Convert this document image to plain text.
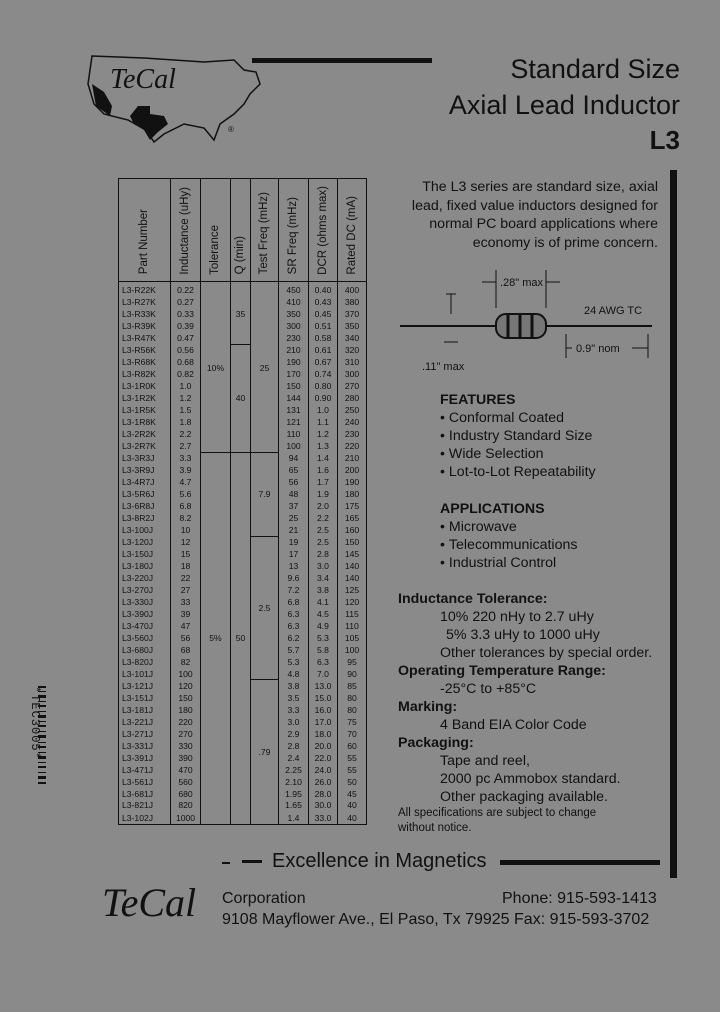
TeCal
®
Standard Size
Axial Lead Inductor
L3
Part Number	Inductance (uHy)	Tolerance	Q (min)	Test Freq (mHz)	SR Freq (mHz)	DCR (ohms max)	Rated DC (mA)
L3-R22K	0.22	10%	35	25	450	0.40	400
L3-R27K	0.27				410	0.43	380
L3-R33K	0.33				350	0.45	370
L3-R39K	0.39				300	0.51	350
L3-R47K	0.47				230	0.58	340
L3-R56K	0.56		40		210	0.61	320
L3-R68K	0.68				190	0.67	310
L3-R82K	0.82				170	0.74	300
L3-1R0K	1.0				150	0.80	270
L3-1R2K	1.2				144	0.90	280
L3-1R5K	1.5				131	1.0	250
L3-1R8K	1.8				121	1.1	240
L3-2R2K	2.2				110	1.2	230
L3-2R7K	2.7				100	1.3	220
L3-3R3J	3.3	5%	50	7.9	94	1.4	210
L3-3R9J	3.9				65	1.6	200
L3-4R7J	4.7				56	1.7	190
L3-5R6J	5.6				48	1.9	180
L3-6R8J	6.8				37	2.0	175
L3-8R2J	8.2				25	2.2	165
L3-100J	10				21	2.5	160
L3-120J	12			2.5	19	2.5	150
L3-150J	15				17	2.8	145
L3-180J	18				13	3.0	140
L3-220J	22				9.6	3.4	140
L3-270J	27				7.2	3.8	125
L3-330J	33				6.8	4.1	120
L3-390J	39				6.3	4.5	115
L3-470J	47				6.3	4.9	110
L3-560J	56				6.2	5.3	105
L3-680J	68				5.7	5.8	100
L3-820J	82				5.3	6.3	95
L3-101J	100				4.8	7.0	90
L3-121J	120			.79	3.8	13.0	85
L3-151J	150				3.5	15.0	80
L3-181J	180				3.3	16.0	80
L3-221J	220				3.0	17.0	75
L3-271J	270				2.9	18.0	70
L3-331J	330				2.8	20.0	60
L3-391J	390				2.4	22.0	55
L3-471J	470				2.25	24.0	55
L3-561J	560				2.10	26.0	50
L3-681J	680				1.95	28.0	45
L3-821J	820				1.65	30.0	40
L3-102J	1000				1.4	33.0	40
The L3 series are standard size, axial lead, fixed value inductors designed for normal PC board applications where economy is of prime concern.
.28" max
24 AWG TC
0.9" nom
.11" max
FEATURES
• Conformal Coated
• Industry Standard Size
• Wide Selection
• Lot-to-Lot Repeatability
APPLICATIONS
• Microwave
• Telecommunications
• Industrial Control
Inductance Tolerance:
10% 220 nHy to 2.7 uHy
5% 3.3 uHy to 1000 uHy
Other tolerances by special order.
Operating Temperature Range:
-25°C to +85°C
Marking:
4 Band EIA Color Code
Packaging:
Tape and reel,
2000 pc Ammobox standard.
Other packaging available.
All specifications are subject to change without notice.
*TEC3005*
Excellence in Magnetics
TeCal Corporation	Phone: 915-593-1413
9108 Mayflower Ave., El Paso, Tx 79925 Fax: 915-593-3702
